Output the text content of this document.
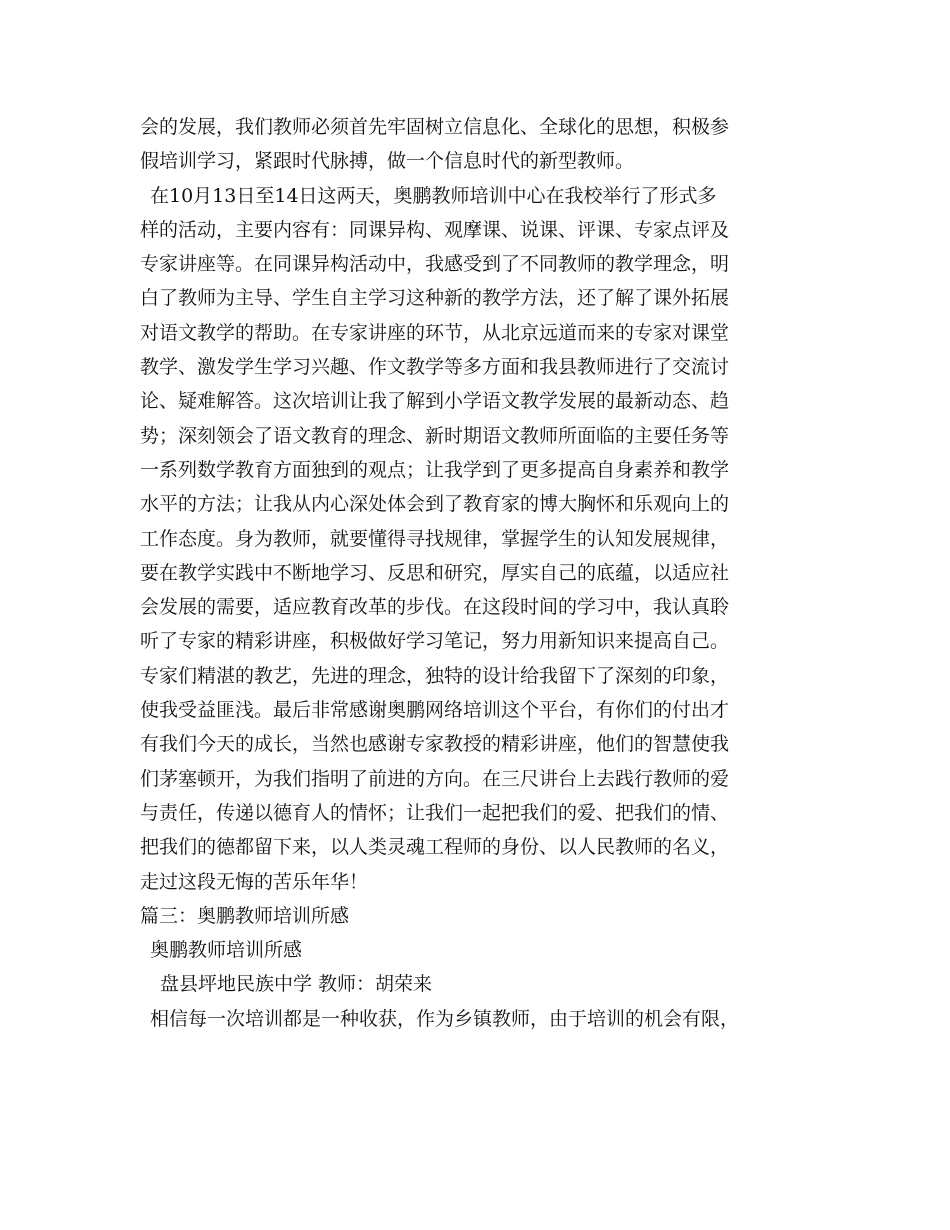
会的发展，我们教师必须首先牢固树立信息化、全球化的思想，积极参
假培训学习，紧跟时代脉搏，做一个信息时代的新型教师。
在10月13日至14日这两天，奥鹏教师培训中心在我校举行了形式多
样的活动，主要内容有：同课异构、观摩课、说课、评课、专家点评及
专家讲座等。在同课异构活动中，我感受到了不同教师的教学理念，明
白了教师为主导、学生自主学习这种新的教学方法，还了解了课外拓展
对语文教学的帮助。在专家讲座的环节，从北京远道而来的专家对课堂
教学、激发学生学习兴趣、作文教学等多方面和我县教师进行了交流讨
论、疑难解答。这次培训让我了解到小学语文教学发展的最新动态、趋
势；深刻领会了语文教育的理念、新时期语文教师所面临的主要任务等
一系列数学教育方面独到的观点；让我学到了更多提高自身素养和教学
水平的方法；让我从内心深处体会到了教育家的博大胸怀和乐观向上的
工作态度。身为教师，就要懂得寻找规律，掌握学生的认知发展规律，
要在教学实践中不断地学习、反思和研究，厚实自己的底蕴，以适应社
会发展的需要，适应教育改革的步伐。在这段时间的学习中，我认真聆
听了专家的精彩讲座，积极做好学习笔记，努力用新知识来提高自己。
专家们精湛的教艺，先进的理念，独特的设计给我留下了深刻的印象，
使我受益匪浅。最后非常感谢奥鹏网络培训这个平台，有你们的付出才
有我们今天的成长，当然也感谢专家教授的精彩讲座，他们的智慧使我
们茅塞顿开，为我们指明了前进的方向。在三尺讲台上去践行教师的爱
与责任，传递以德育人的情怀；让我们一起把我们的爱、把我们的情、
把我们的德都留下来，以人类灵魂工程师的身份、以人民教师的名义，
走过这段无悔的苦乐年华！
篇三：奥鹏教师培训所感
奥鹏教师培训所感
盘县坪地民族中学 教师：胡荣来
相信每一次培训都是一种收获，作为乡镇教师，由于培训的机会有限，
